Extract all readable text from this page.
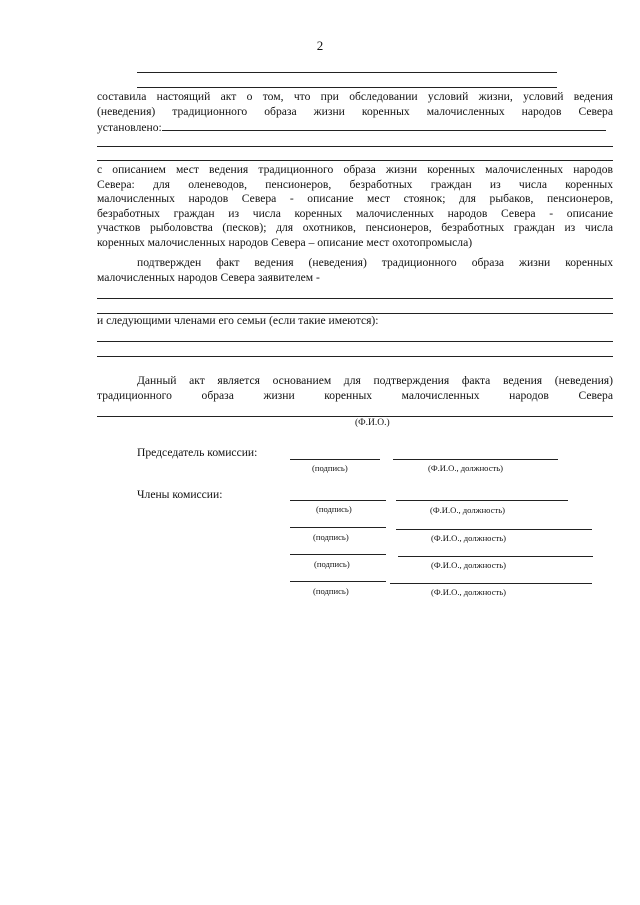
2
составила настоящий акт о том, что при обследовании условий жизни, условий ведения
(неведения) традиционного образа жизни коренных малочисленных народов Севера
установлено:
с описанием мест ведения традиционного образа жизни коренных малочисленных народов
Севера: для оленеводов, пенсионеров, безработных граждан из числа коренных
малочисленных народов Севера - описание мест стоянок; для рыбаков, пенсионеров,
безработных граждан из числа коренных малочисленных народов Севера - описание
участков рыболовства (песков); для охотников, пенсионеров, безработных граждан из числа
коренных малочисленных народов Севера – описание мест охотопромысла)
подтвержден факт ведения (неведения) традиционного образа жизни коренных
малочисленных народов Севера заявителем -
и следующими членами его семьи (если такие имеются):
Данный акт является основанием для подтверждения факта ведения (неведения)
традиционного образа жизни коренных малочисленных народов Севера
(Ф.И.О.)
Председатель комиссии:
(подпись)	(Ф.И.О., должность)
Члены комиссии:
(подпись)	(Ф.И.О., должность)
(подпись)	(Ф.И.О., должность)
(подпись)	(Ф.И.О., должность)
(подпись)	(Ф.И.О., должность)
